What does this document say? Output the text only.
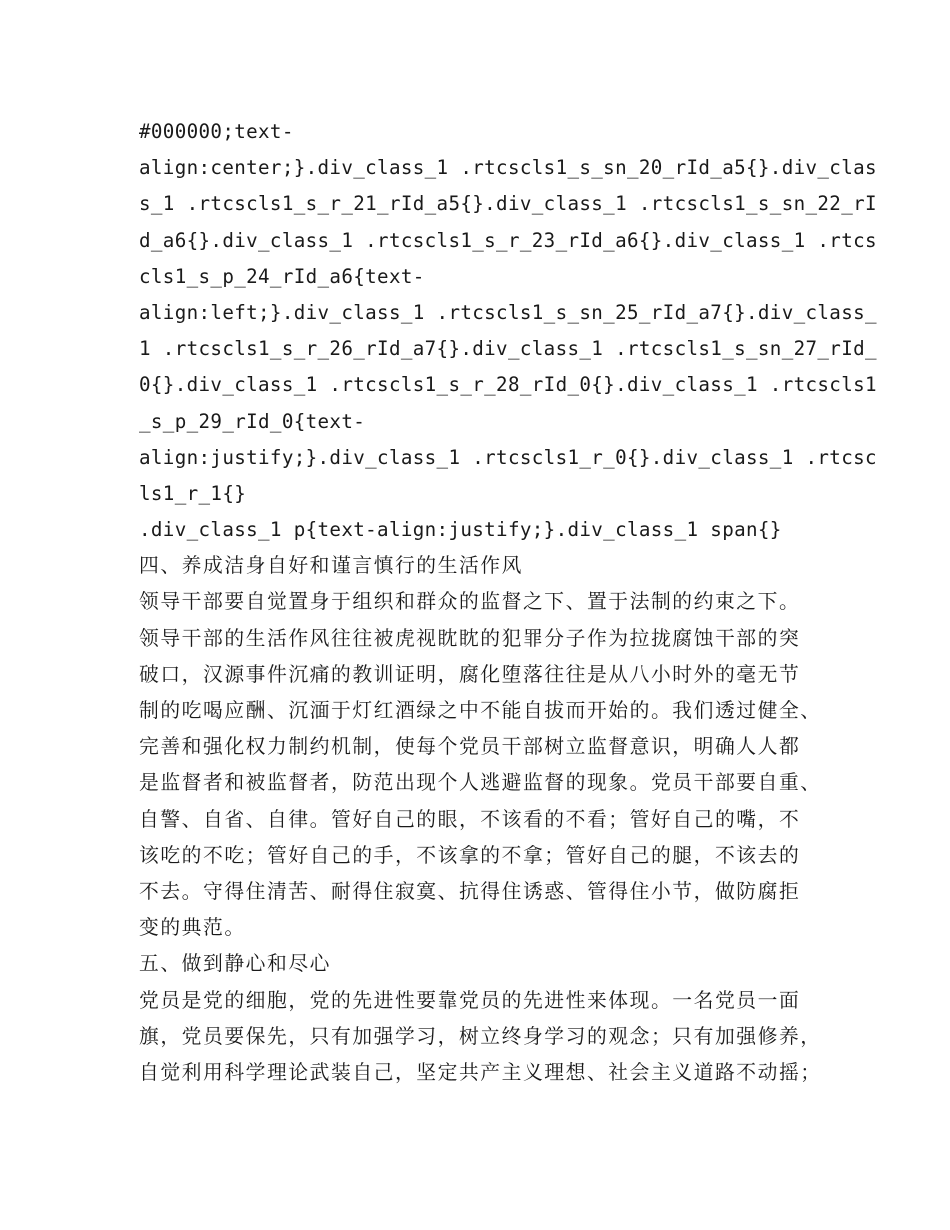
#000000;text-
align:center;}.div_class_1 .rtcscls1_s_sn_20_rId_a5{}.div_clas
s_1 .rtcscls1_s_r_21_rId_a5{}.div_class_1 .rtcscls1_s_sn_22_rI
d_a6{}.div_class_1 .rtcscls1_s_r_23_rId_a6{}.div_class_1 .rtcs
cls1_s_p_24_rId_a6{text-
align:left;}.div_class_1 .rtcscls1_s_sn_25_rId_a7{}.div_class_
1 .rtcscls1_s_r_26_rId_a7{}.div_class_1 .rtcscls1_s_sn_27_rId_
0{}.div_class_1 .rtcscls1_s_r_28_rId_0{}.div_class_1 .rtcscls1
_s_p_29_rId_0{text-
align:justify;}.div_class_1 .rtcscls1_r_0{}.div_class_1 .rtcsc
ls1_r_1{}
.div_class_1 p{text-align:justify;}.div_class_1 span{}
四、养成洁身自好和谨言慎行的生活作风
领导干部要自觉置身于组织和群众的监督之下、置于法制的约束之下。
领导干部的生活作风往往被虎视眈眈的犯罪分子作为拉拢腐蚀干部的突
破口，汉源事件沉痛的教训证明，腐化堕落往往是从八小时外的毫无节
制的吃喝应酬、沉湎于灯红酒绿之中不能自拔而开始的。我们透过健全、
完善和强化权力制约机制，使每个党员干部树立监督意识，明确人人都
是监督者和被监督者，防范出现个人逃避监督的现象。党员干部要自重、
自警、自省、自律。管好自己的眼，不该看的不看；管好自己的嘴，不
该吃的不吃；管好自己的手，不该拿的不拿；管好自己的腿，不该去的
不去。守得住清苦、耐得住寂寞、抗得住诱惑、管得住小节，做防腐拒
变的典范。
五、做到静心和尽心
党员是党的细胞，党的先进性要靠党员的先进性来体现。一名党员一面
旗，党员要保先，只有加强学习，树立终身学习的观念；只有加强修养，
自觉利用科学理论武装自己，坚定共产主义理想、社会主义道路不动摇；
